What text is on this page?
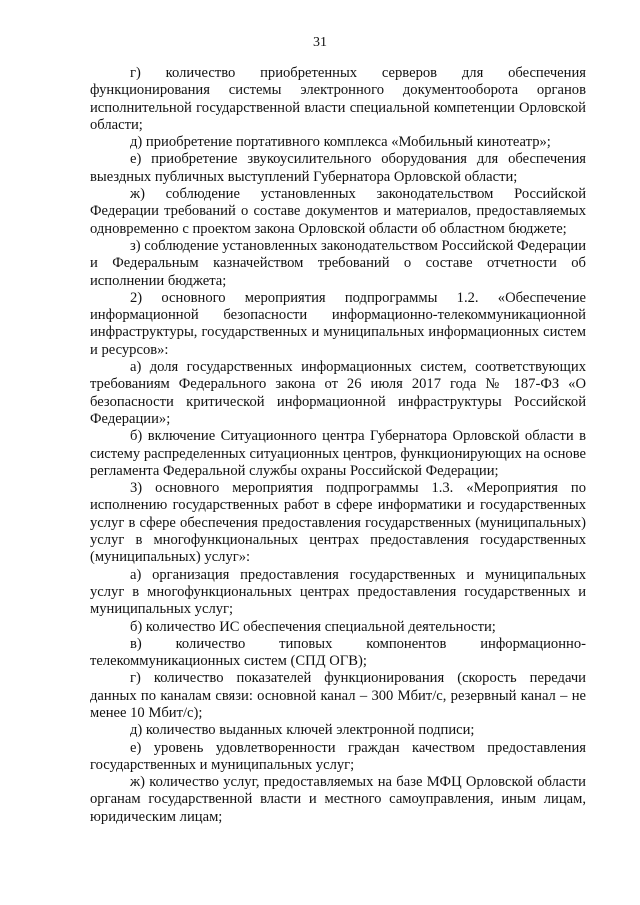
31

г) количество приобретенных серверов для обеспечения функционирования системы электронного документооборота органов исполнительной государственной власти специальной компетенции Орловской области;

д) приобретение портативного комплекса «Мобильный кинотеатр»;

е) приобретение звукоусилительного оборудования для обеспечения выездных публичных выступлений Губернатора Орловской области;

ж) соблюдение установленных законодательством Российской Федерации требований о составе документов и материалов, предоставляемых одновременно с проектом закона Орловской области об областном бюджете;

з) соблюдение установленных законодательством Российской Федерации и Федеральным казначейством требований о составе отчетности об исполнении бюджета;

2) основного мероприятия подпрограммы 1.2. «Обеспечение информационной безопасности информационно-телекоммуникационной инфраструктуры, государственных и муниципальных информационных систем и ресурсов»:

а) доля государственных информационных систем, соответствующих требованиям Федерального закона от 26 июля 2017 года № 187-ФЗ «О безопасности критической информационной инфраструктуры Российской Федерации»;

б) включение Ситуационного центра Губернатора Орловской области в систему распределенных ситуационных центров, функционирующих на основе регламента Федеральной службы охраны Российской Федерации;

3) основного мероприятия подпрограммы 1.3. «Мероприятия по исполнению государственных работ в сфере информатики и государственных услуг в сфере обеспечения предоставления государственных (муниципальных) услуг в многофункциональных центрах предоставления государственных (муниципальных) услуг»:

а) организация предоставления государственных и муниципальных услуг в многофункциональных центрах предоставления государственных и муниципальных услуг;

б) количество ИС обеспечения специальной деятельности;

в) количество типовых компонентов информационно-телекоммуникационных систем (СПД ОГВ);

г) количество показателей функционирования (скорость передачи данных по каналам связи: основной канал – 300 Мбит/с, резервный канал – не менее 10 Мбит/с);

д) количество выданных ключей электронной подписи;

е) уровень удовлетворенности граждан качеством предоставления государственных и муниципальных услуг;

ж) количество услуг, предоставляемых на базе МФЦ Орловской области органам государственной власти и местного самоуправления, иным лицам, юридическим лицам;
